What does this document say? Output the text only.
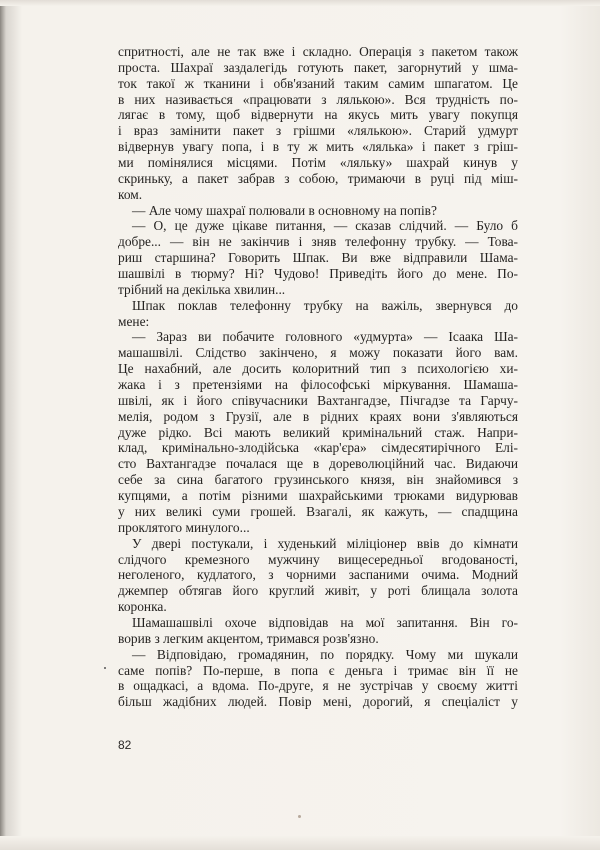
спритності, але не так вже і складно. Операція з пакетом також
проста. Шахраї заздалегідь готують пакет, загорнутий у шма-
ток такої ж тканини і обв'язаний таким самим шпагатом. Це
в них називається «працювати з лялькою». Вся трудність по-
лягає в тому, щоб відвернути на якусь мить увагу покупця
і враз замінити пакет з грішми «лялькою». Старий удмурт
відвернув увагу попа, і в ту ж мить «лялька» і пакет з гріш-
ми помінялися місцями. Потім «ляльку» шахрай кинув у
скриньку, а пакет забрав з собою, тримаючи в руці під міш-
ком.
— Але чому шахраї полювали в основному на попів?
— О, це дуже цікаве питання, — сказав слідчий. — Було б
добре... — він не закінчив і зняв телефонну трубку. — Това-
риш старшина? Говорить Шпак. Ви вже відправили Шама-
шашвілі в тюрму? Ні? Чудово! Приведіть його до мене. По-
трібний на декілька хвилин...
Шпак поклав телефонну трубку на важіль, звернувся до
мене:
— Зараз ви побачите головного «удмурта» — Ісаака Ша-
машашвілі. Слідство закінчено, я можу показати його вам.
Це нахабний, але досить колоритний тип з психологією хи-
жака і з претензіями на філософські міркування. Шамаша-
швілі, як і його співучасники Вахтангадзе, Пічгадзе та Гарчу-
мелія, родом з Грузії, але в рідних краях вони з'являються
дуже рідко. Всі мають великий кримінальний стаж. Напри-
клад, кримінально-злодійська «кар'єра» сімдесятирічного Елі-
сто Вахтангадзе почалася ще в дореволюційний час. Видаючи
себе за сина багатого грузинського князя, він знайомився з
купцями, а потім різними шахрайськими трюками видурював
у них великі суми грошей. Взагалі, як кажуть, — спадщина
проклятого минулого...
У двері постукали, і худенький міліціонер ввів до кімнати
слідчого кремезного мужчину вищесередньої вгодованості,
неголеного, кудлатого, з чорними заспаними очима. Модний
джемпер обтягав його круглий живіт, у роті блищала золота
коронка.
Шамашашвілі охоче відповідав на мої запитання. Він го-
ворив з легким акцентом, тримався розв'язно.
— Відповідаю, громадянин, по порядку. Чому ми шукали
саме попів? По-перше, в попа є деньга і тримає він її не
в ощадкасі, а вдома. По-друге, я не зустрічав у своєму житті
більш жадібних людей. Повір мені, дорогий, я спеціаліст у
82
